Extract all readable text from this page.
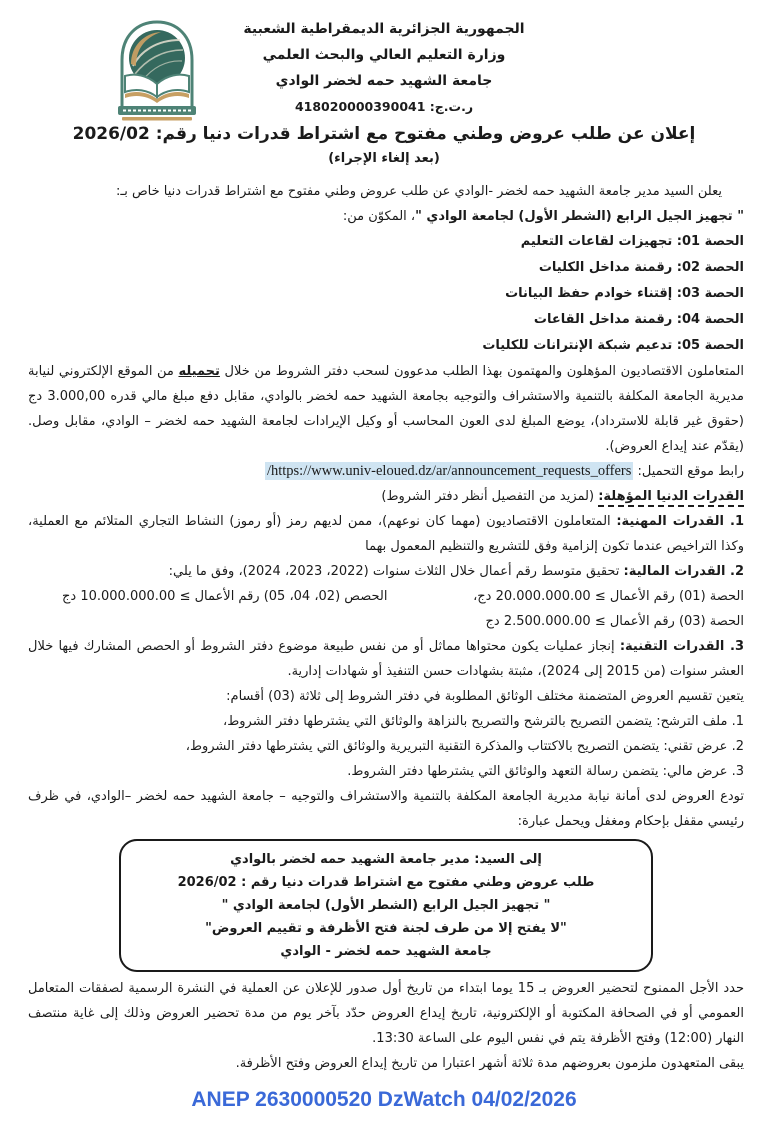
الجمهورية الجزائرية الديمقراطية الشعبية
وزارة التعليم العالي والبحث العلمي
جامعة الشهيد حمه لخضر الوادي
ر.ت.ج: 418020000390041
إعلان عن طلب عروض وطني مفتوح مع اشتراط قدرات دنيا رقم: 2026/02
(بعد إلغاء الإجراء)

يعلن السيد مدير جامعة الشهيد حمه لخضر -الوادي عن طلب عروض وطني مفتوح مع اشتراط قدرات دنيا خاص بـ:

" تجهيز الجيل الرابع (الشطر الأول) لجامعة الوادي "، المكوّن من:

الحصة 01: تجهيزات لقاعات التعليم
الحصة 02: رقمنة مداخل الكليات
الحصة 03: إقتناء خوادم حفظ البيانات
الحصة 04: رقمنة مداخل القاعات
الحصة 05: تدعيم شبكة الإنترانات للكليات

المتعاملون الاقتصاديون المؤهلون والمهتمون بهذا الطلب مدعوون لسحب دفتر الشروط من خلال تحميله من الموقع الإلكتروني لنيابة مديرية الجامعة المكلفة بالتنمية والاستشراف والتوجيه بجامعة الشهيد حمه لخضر بالوادي، مقابل دفع مبلغ مالي قدره 3.000,00 دج (حقوق غير قابلة للاسترداد)، يوضع المبلغ لدى العون المحاسب أو وكيل الإيرادات لجامعة الشهيد حمه لخضر – الوادي، مقابل وصل. (يقدّم عند إيداع العروض).

رابط موقع التحميل: https://www.univ-eloued.dz/ar/announcement_requests_offers/

القدرات الدنيا المؤهلة: (لمزيد من التفصيل أنظر دفتر الشروط)

1. القدرات المهنية: المتعاملون الاقتصاديون (مهما كان نوعهم)، ممن لديهم رمز (أو رموز) النشاط التجاري المتلائم مع العملية، وكذا التراخيص عندما تكون إلزامية وفق للتشريع والتنظيم المعمول بهما

2. القدرات المالية: تحقيق متوسط رقم أعمال خلال الثلاث سنوات (2022، 2023، 2024)، وفق ما يلي:

الحصة (01) رقم الأعمال ≥ 20.000.000.00 دج،
الحصص (02، 04، 05) رقم الأعمال ≥ 10.000.000.00 دج
الحصة (03) رقم الأعمال ≥ 2.500.000.00 دج

3. القدرات التقنية: إنجاز عمليات يكون محتواها مماثل أو من نفس طبيعة موضوع دفتر الشروط أو الحصص المشارك فيها خلال العشر سنوات (من 2015 إلى 2024)، مثبتة بشهادات حسن التنفيذ أو شهادات إدارية.

يتعين تقسيم العروض المتضمنة مختلف الوثائق المطلوبة في دفتر الشروط إلى ثلاثة (03) أقسام:

1. ملف الترشح: يتضمن التصريح بالترشح والتصريح بالنزاهة والوثائق التي يشترطها دفتر الشروط،

2. عرض تقني: يتضمن التصريح بالاكتتاب والمذكرة التقنية التبريرية والوثائق التي يشترطها دفتر الشروط،

3. عرض مالي: يتضمن رسالة التعهد والوثائق التي يشترطها دفتر الشروط.

تودع العروض لدى أمانة نيابة مديرية الجامعة المكلفة بالتنمية والاستشراف والتوجيه – جامعة الشهيد حمه لخضر –الوادي، في ظرف رئيسي مقفل بإحكام ومغفل ويحمل عبارة:

إلى السيد: مدير جامعة الشهيد حمه لخضر بالوادي
طلب عروض وطني مفتوح مع اشتراط قدرات دنيا رقم : 2026/02
" تجهيز الجيل الرابع (الشطر الأول) لجامعة الوادي "
"لا يفتح إلا من طرف لجنة فتح الأظرفة و تقييم العروض"
جامعة الشهيد حمه لخضر - الوادي

حدد الأجل الممنوح لتحضير العروض بـ 15 يوما ابتداء من تاريخ أول صدور للإعلان عن العملية في النشرة الرسمية لصفقات المتعامل العمومي أو في الصحافة المكتوبة أو الإلكترونية، تاريخ إيداع العروض حدّد بآخر يوم من مدة تحضير العروض وذلك إلى غاية منتصف النهار (12:00) وفتح الأظرفة يتم في نفس اليوم على الساعة 13:30.

يبقى المتعهدون ملزمون بعروضهم مدة ثلاثة أشهر اعتبارا من تاريخ إيداع العروض وفتح الأظرفة.

ANEP 2630000520 DzWatch 04/02/2026
